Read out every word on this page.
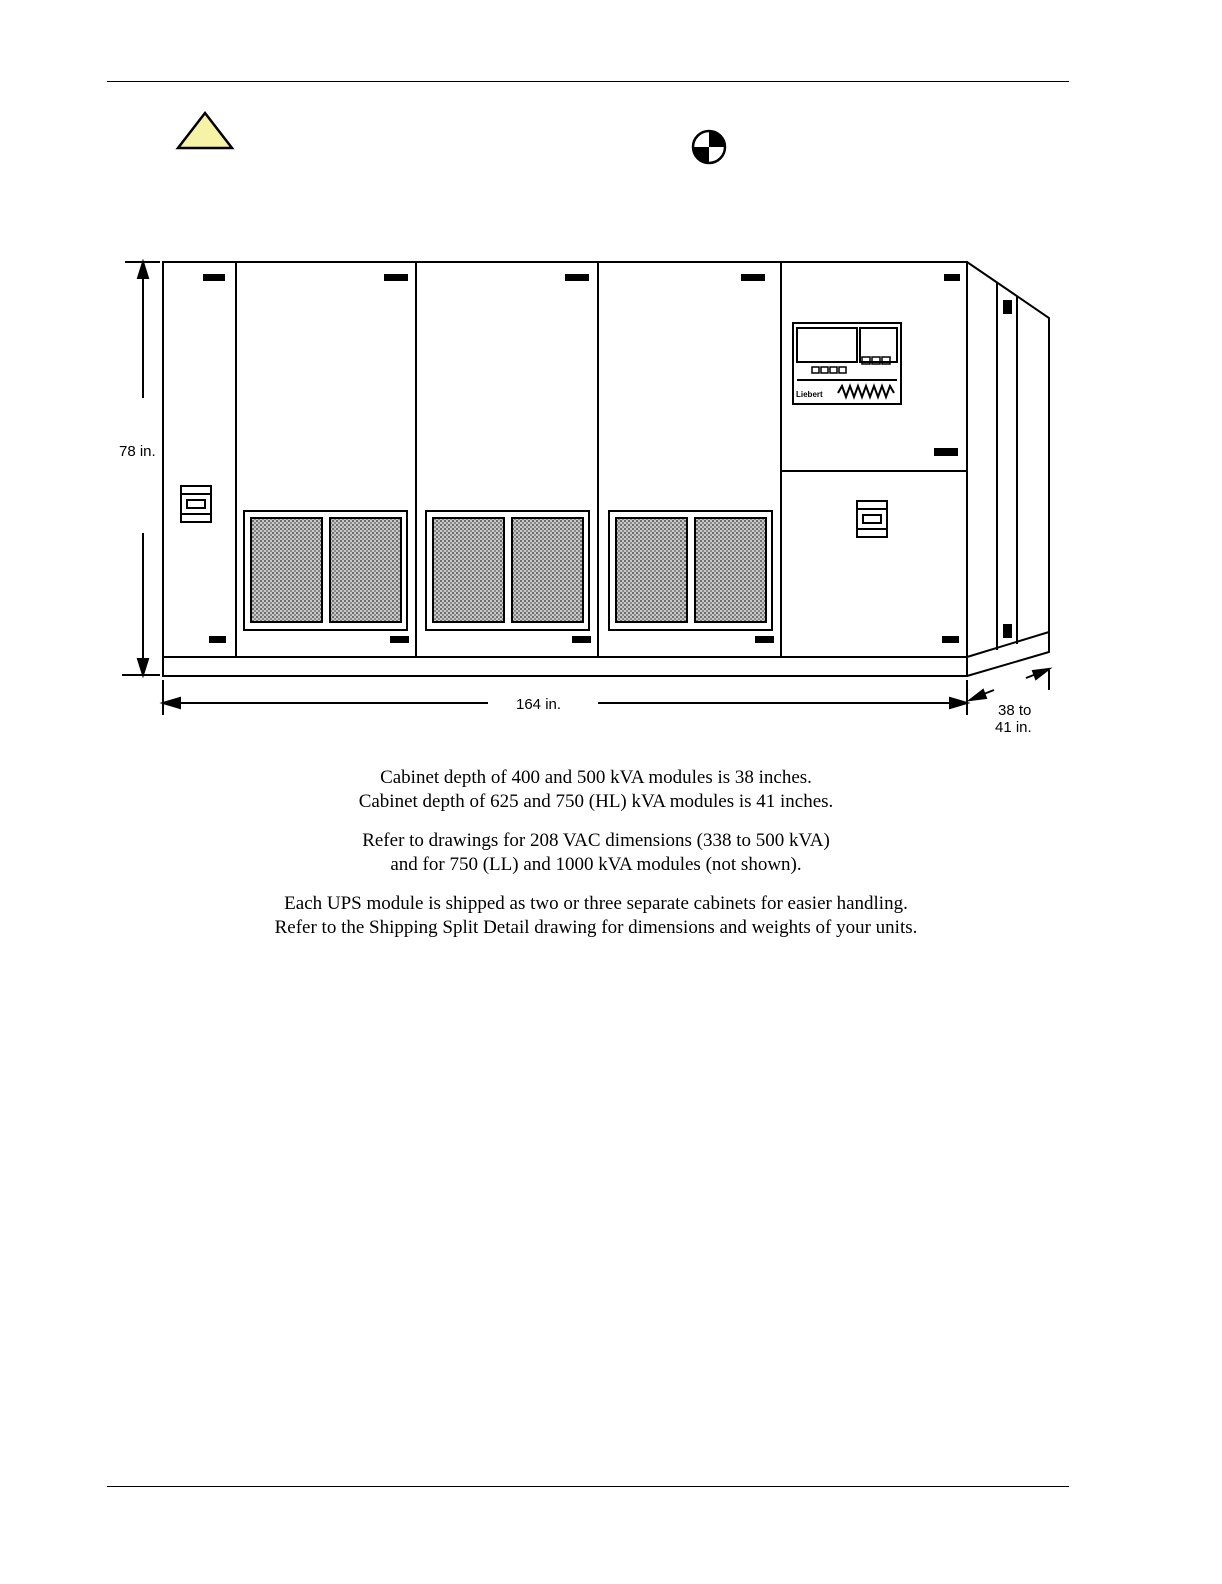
Liebert
78 in.
164 in.	38 to
41 in.
Cabinet depth of 400 and 500 kVA modules is 38 inches.
Cabinet depth of 625 and 750 (HL) kVA modules is 41 inches.
Refer to drawings for 208 VAC dimensions (338 to 500 kVA)
and for 750 (LL) and 1000 kVA modules (not shown).
Each UPS module is shipped as two or three separate cabinets for easier handling.
Refer to the Shipping Split Detail drawing for dimensions and weights of your units.
